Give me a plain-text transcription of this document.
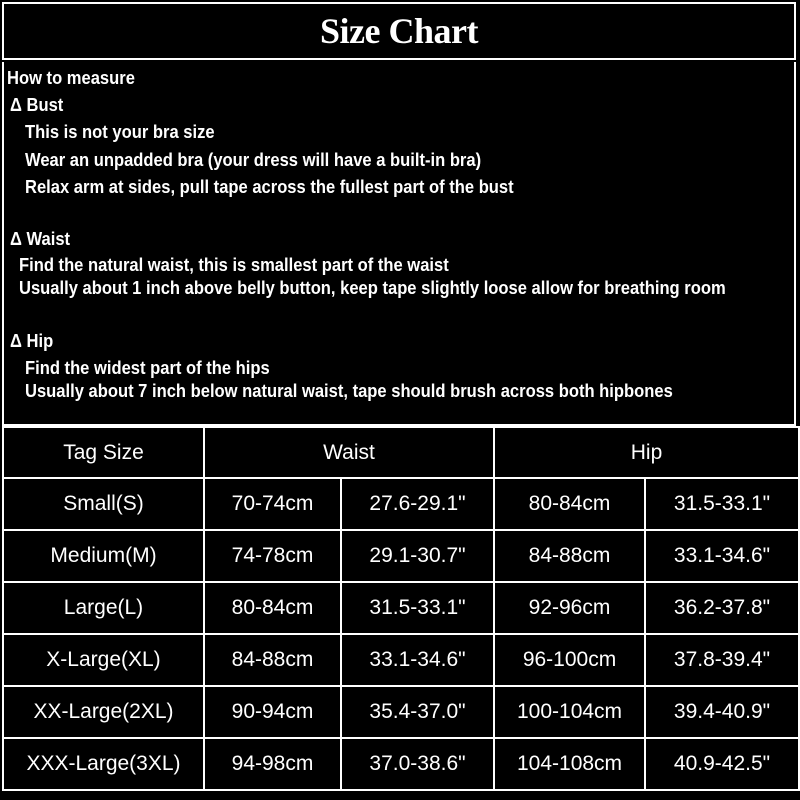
Size Chart
How to measure
Δ Bust
This is not your bra size
Wear an unpadded bra (your dress will have a built-in bra)
Relax arm at sides, pull tape across the fullest part of the bust
Δ Waist
Find the natural waist, this is smallest part of the waist
Usually about 1 inch above belly button, keep tape slightly loose allow for breathing room
Δ Hip
Find the widest part of the hips
Usually about 7 inch below natural waist, tape should brush across both hipbones
Tag Size	Waist		Hip	
Small(S)	70-74cm	27.6-29.1"	80-84cm	31.5-33.1"
Medium(M)	74-78cm	29.1-30.7"	84-88cm	33.1-34.6"
Large(L)	80-84cm	31.5-33.1"	92-96cm	36.2-37.8"
X-Large(XL)	84-88cm	33.1-34.6"	96-100cm	37.8-39.4"
XX-Large(2XL)	90-94cm	35.4-37.0"	100-104cm	39.4-40.9"
XXX-Large(3XL)	94-98cm	37.0-38.6"	104-108cm	40.9-42.5"
